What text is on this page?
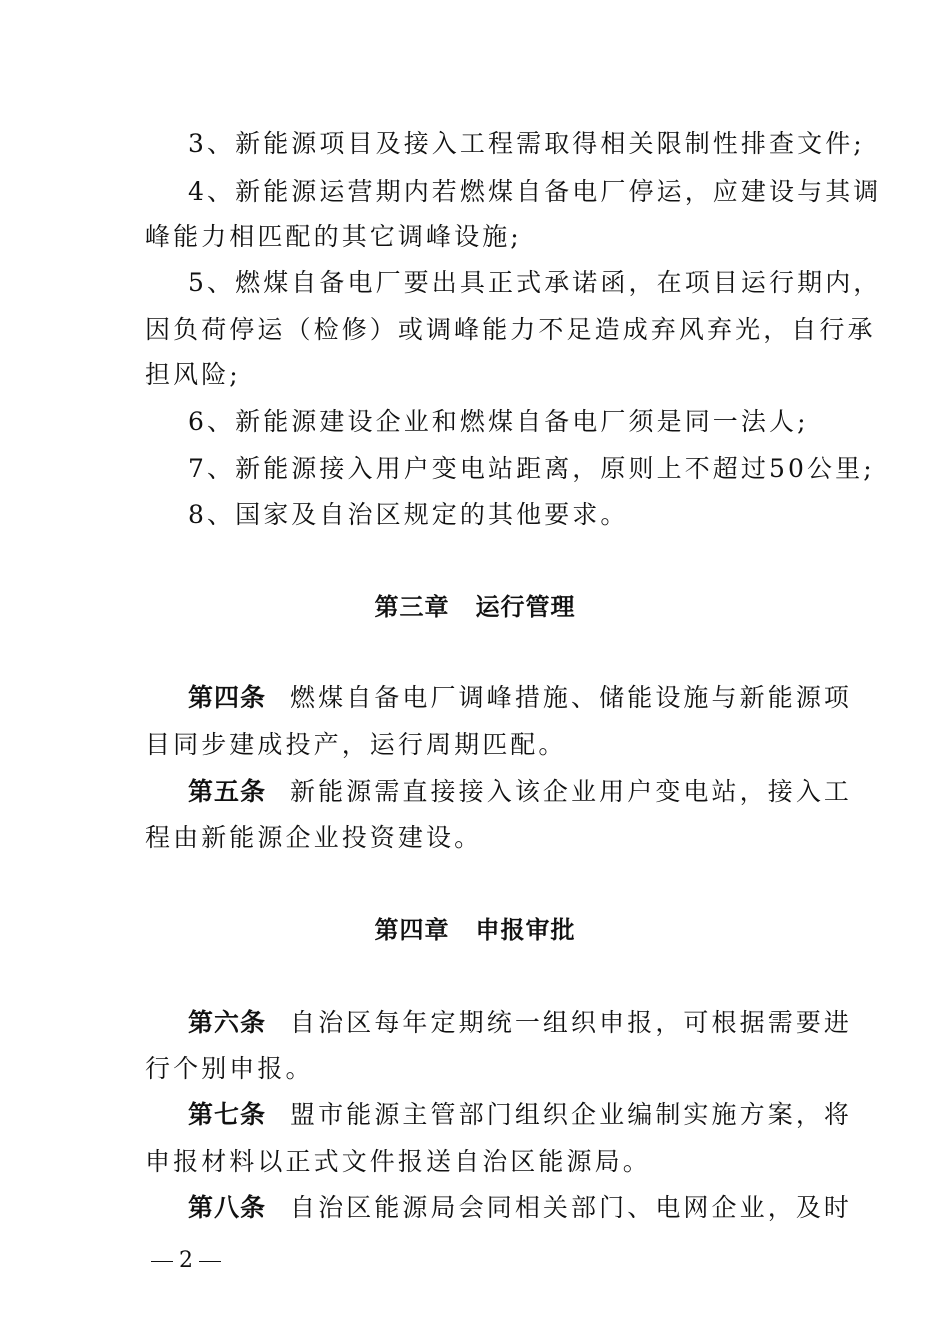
3、新能源项目及接入工程需取得相关限制性排查文件;
4、新能源运营期内若燃煤自备电厂停运，应建设与其调
峰能力相匹配的其它调峰设施;
5、燃煤自备电厂要出具正式承诺函，在项目运行期内，
因负荷停运（检修）或调峰能力不足造成弃风弃光，自行承
担风险;
6、新能源建设企业和燃煤自备电厂须是同一法人;
7、新能源接入用户变电站距离，原则上不超过50公里;
8、国家及自治区规定的其他要求。
第三章 运行管理
第四条 燃煤自备电厂调峰措施、储能设施与新能源项
目同步建成投产，运行周期匹配。
第五条 新能源需直接接入该企业用户变电站，接入工
程由新能源企业投资建设。
第四章 申报审批
第六条 自治区每年定期统一组织申报，可根据需要进
行个别申报。
第七条 盟市能源主管部门组织企业编制实施方案，将
申报材料以正式文件报送自治区能源局。
第八条 自治区能源局会同相关部门、电网企业，及时
2
